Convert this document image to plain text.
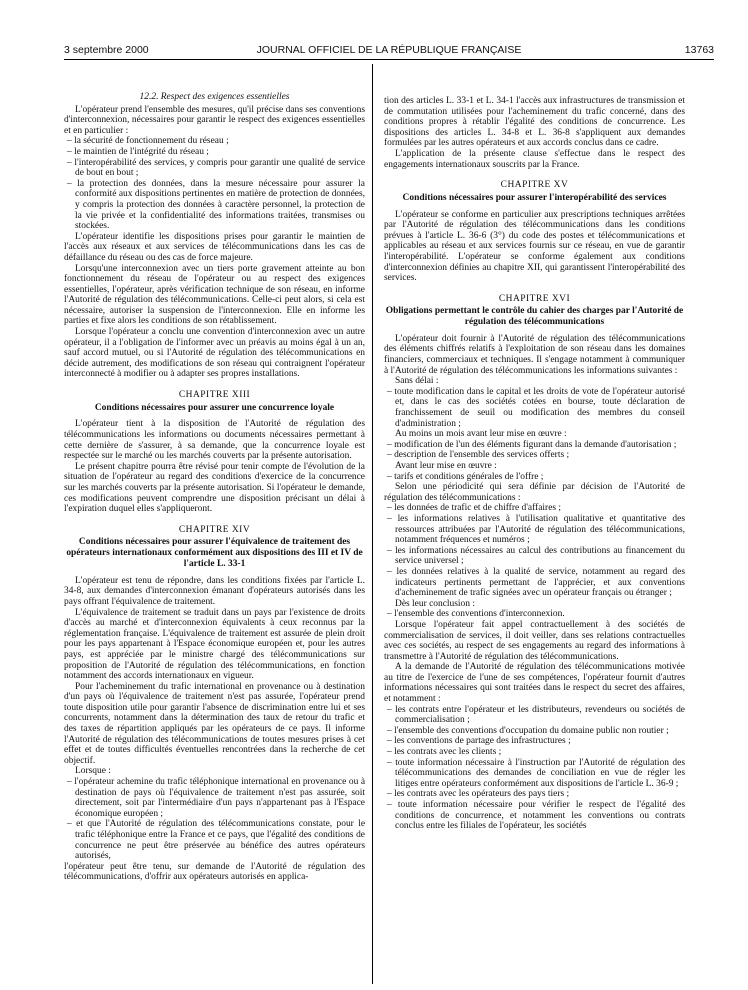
3 septembre 2000	JOURNAL OFFICIEL DE LA RÉPUBLIQUE FRANÇAISE	13763

12.2. Respect des exigences essentielles

L'opérateur prend l'ensemble des mesures, qu'il précise dans ses conventions d'interconnexion, nécessaires pour garantir le respect des exigences essentielles et en particulier :

– la sécurité de fonctionnement du réseau ;
– le maintien de l'intégrité du réseau ;
– l'interopérabilité des services, y compris pour garantir une qualité de service de bout en bout ;
– la protection des données, dans la mesure nécessaire pour assurer la conformité aux dispositions pertinentes en matière de protection de données, y compris la protection des données à caractère personnel, la protection de la vie privée et la confidentialité des informations traitées, transmises ou stockées.

L'opérateur identifie les dispositions prises pour garantir le maintien de l'accès aux réseaux et aux services de télécommunications dans les cas de défaillance du réseau ou des cas de force majeure.

Lorsqu'une interconnexion avec un tiers porte gravement atteinte au bon fonctionnement du réseau de l'opérateur ou au respect des exigences essentielles, l'opérateur, après vérification technique de son réseau, en informe l'Autorité de régulation des télécommunications. Celle-ci peut alors, si cela est nécessaire, autoriser la suspension de l'interconnexion. Elle en informe les parties et fixe alors les conditions de son rétablissement.

Lorsque l'opérateur a conclu une convention d'interconnexion avec un autre opérateur, il a l'obligation de l'informer avec un préavis au moins égal à un an, sauf accord mutuel, ou si l'Autorité de régulation des télécommunications en décide autrement, des modifications de son réseau qui contraignent l'opérateur interconnecté à modifier ou à adapter ses propres installations.

CHAPITRE XIII

Conditions nécessaires pour assurer une concurrence loyale

L'opérateur tient à la disposition de l'Autorité de régulation des télécommunications les informations ou documents nécessaires permettant à cette dernière de s'assurer, à sa demande, que la concurrence loyale est respectée sur le marché ou les marchés couverts par la présente autorisation.

Le présent chapitre pourra être révisé pour tenir compte de l'évolution de la situation de l'opérateur au regard des conditions d'exercice de la concurrence sur les marchés couverts par la présente autorisation. Si l'opérateur le demande, ces modifications peuvent comprendre une disposition précisant un délai à l'expiration duquel elles s'appliqueront.

CHAPITRE XIV

Conditions nécessaires pour assurer l'équivalence de traitement des opérateurs internationaux conformément aux dispositions des III et IV de l'article L. 33-1

L'opérateur est tenu de répondre, dans les conditions fixées par l'article L. 34-8, aux demandes d'interconnexion émanant d'opérateurs autorisés dans les pays offrant l'équivalence de traitement.

L'équivalence de traitement se traduit dans un pays par l'existence de droits d'accès au marché et d'interconnexion équivalents à ceux reconnus par la réglementation française. L'équivalence de traitement est assurée de plein droit pour les pays appartenant à l'Espace économique européen et, pour les autres pays, est appréciée par le ministre chargé des télécommunications sur proposition de l'Autorité de régulation des télécommunications, en fonction notamment des accords internationaux en vigueur.

Pour l'acheminement du trafic international en provenance ou à destination d'un pays où l'équivalence de traitement n'est pas assurée, l'opérateur prend toute disposition utile pour garantir l'absence de discrimination entre lui et ses concurrents, notamment dans la détermination des taux de retour du trafic et des taxes de répartition appliqués par les opérateurs de ce pays. Il informe l'Autorité de régulation des télécommunications de toutes mesures prises à cet effet et de toutes difficultés éventuelles rencontrées dans la recherche de cet objectif.

Lorsque :

– l'opérateur achemine du trafic téléphonique international en provenance ou à destination de pays où l'équivalence de traitement n'est pas assurée, soit directement, soit par l'intermédiaire d'un pays n'appartenant pas à l'Espace économique européen ;
– et que l'Autorité de régulation des télécommunications constate, pour le trafic téléphonique entre la France et ce pays, que l'égalité des conditions de concurrence ne peut être préservée au bénéfice des autres opérateurs autorisés,

l'opérateur peut être tenu, sur demande de l'Autorité de régulation des télécommunications, d'offrir aux opérateurs autorisés en applica-

tion des articles L. 33-1 et L. 34-1 l'accès aux infrastructures de transmission et de commutation utilisées pour l'acheminement du trafic concerné, dans des conditions propres à rétablir l'égalité des conditions de concurrence. Les dispositions des articles L. 34-8 et L. 36-8 s'appliquent aux demandes formulées par les autres opérateurs et aux accords conclus dans ce cadre.

L'application de la présente clause s'effectue dans le respect des engagements internationaux souscrits par la France.

CHAPITRE XV

Conditions nécessaires pour assurer l'interopérabilité des services

L'opérateur se conforme en particulier aux prescriptions techniques arrêtées par l'Autorité de régulation des télécommunications dans les conditions prévues à l'article L. 36-6 (3°) du code des postes et télécommunications et applicables au réseau et aux services fournis sur ce réseau, en vue de garantir l'interopérabilité. L'opérateur se conforme également aux conditions d'interconnexion définies au chapitre XII, qui garantissent l'interopérabilité des services.

CHAPITRE XVI

Obligations permettant le contrôle du cahier des charges par l'Autorité de régulation des télécommunications

L'opérateur doit fournir à l'Autorité de régulation des télécommunications des éléments chiffrés relatifs à l'exploitation de son réseau dans les domaines financiers, commerciaux et techniques. Il s'engage notamment à communiquer à l'Autorité de régulation des télécommunications les informations suivantes :

Sans délai :

– toute modification dans le capital et les droits de vote de l'opérateur autorisé et, dans le cas des sociétés cotées en bourse, toute déclaration de franchissement de seuil ou modification des membres du conseil d'administration ;

Au moins un mois avant leur mise en œuvre :

– modification de l'un des éléments figurant dans la demande d'autorisation ;
– description de l'ensemble des services offerts ;

Avant leur mise en œuvre :

– tarifs et conditions générales de l'offre ;

Selon une périodicité qui sera définie par décision de l'Autorité de régulation des télécommunications :

– les données de trafic et de chiffre d'affaires ;
– les informations relatives à l'utilisation qualitative et quantitative des ressources attribuées par l'Autorité de régulation des télécommunications, notamment fréquences et numéros ;
– les informations nécessaires au calcul des contributions au financement du service universel ;
– les données relatives à la qualité de service, notamment au regard des indicateurs pertinents permettant de l'apprécier, et aux conventions d'acheminement de trafic signées avec un opérateur français ou étranger ;

Dès leur conclusion :

– l'ensemble des conventions d'interconnexion.

Lorsque l'opérateur fait appel contractuellement à des sociétés de commercialisation de services, il doit veiller, dans ses relations contractuelles avec ces sociétés, au respect de ses engagements au regard des informations à transmettre à l'Autorité de régulation des télécommunications.

A la demande de l'Autorité de régulation des télécommunications motivée au titre de l'exercice de l'une de ses compétences, l'opérateur fournit d'autres informations nécessaires qui sont traitées dans le respect du secret des affaires, et notamment :

– les contrats entre l'opérateur et les distributeurs, revendeurs ou sociétés de commercialisation ;
– l'ensemble des conventions d'occupation du domaine public non routier ;
– les conventions de partage des infrastructures ;
– les contrats avec les clients ;
– toute information nécessaire à l'instruction par l'Autorité de régulation des télécommunications des demandes de conciliation en vue de régler les litiges entre opérateurs conformément aux dispositions de l'article L. 36-9 ;
– les contrats avec les opérateurs des pays tiers ;
– toute information nécessaire pour vérifier le respect de l'égalité des conditions de concurrence, et notamment les conventions ou contrats conclus entre les filiales de l'opérateur, les sociétés
